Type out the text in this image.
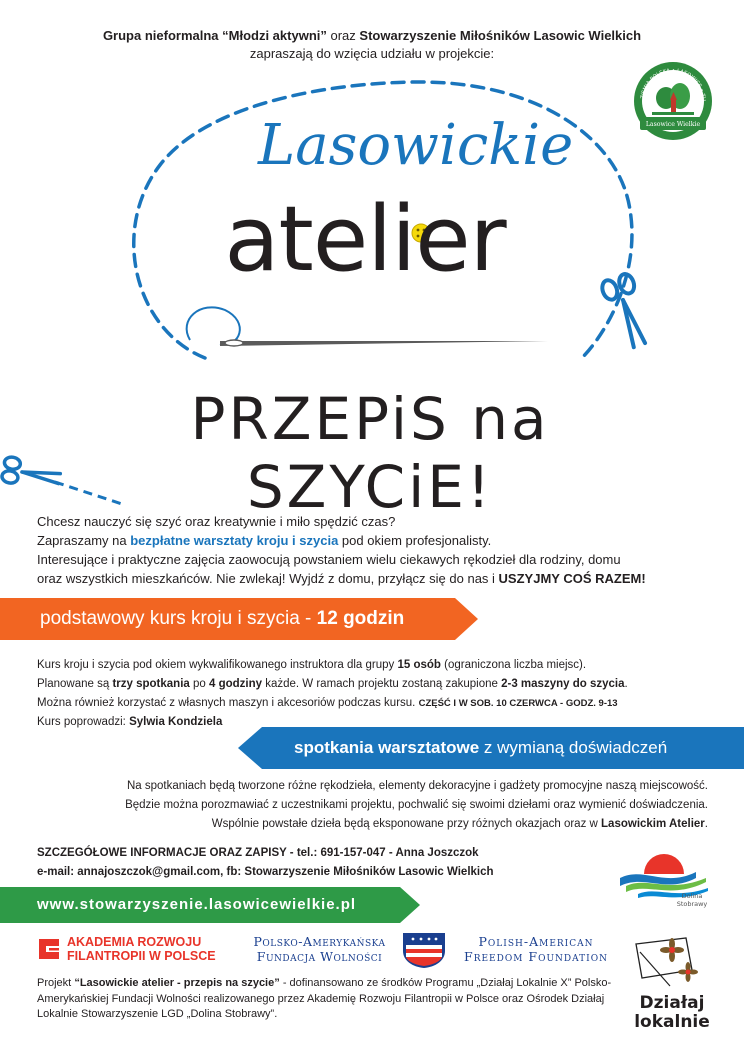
Grupa nieformalna “Młodzi aktywni” oraz Stowarzyszenie Miłośników Lasowic Wielkich
zapraszają do wzięcia udziału w projekcie:
ZIEMIA POLSKA • LASOWICE • TU
Lasowice Wielkie
Lasowickie
atelier
PRZEPiS na SZYCiE!
Chcesz nauczyć się szyć oraz kreatywnie i miło spędzić czas?
Zapraszamy na bezpłatne warsztaty kroju i szycia pod okiem profesjonalisty.
Interesujące i praktyczne zajęcia zaowocują powstaniem wielu ciekawych rękodzieł dla rodziny, domu
oraz wszystkich mieszkańców. Nie zwlekaj! Wyjdź z domu, przyłącz się do nas i USZYJMY COŚ RAZEM!
podstawowy kurs kroju i szycia - 12 godzin
Kurs kroju i szycia pod okiem wykwalifikowanego instruktora dla grupy 15 osób (ograniczona liczba miejsc).
Planowane są trzy spotkania po 4 godziny każde. W ramach projektu zostaną zakupione 2-3 maszyny do szycia.
Można również korzystać z własnych maszyn i akcesoriów podczas kursu. CZĘŚĆ I W SOB. 10 CZERWCA - GODZ. 9-13
Kurs poprowadzi: Sylwia Kondziela
spotkania warsztatowe z wymianą doświadczeń
Na spotkaniach będą tworzone różne rękodzieła, elementy dekoracyjne i gadżety promocyjne naszą miejscowość.
Będzie można porozmawiać z uczestnikami projektu, pochwalić się swoimi dziełami oraz wymienić doświadczenia.
Wspólnie powstałe dzieła będą eksponowane przy różnych okazjach oraz w Lasowickim Atelier.
SZCZEGÓŁOWE INFORMACJE ORAZ ZAPISY - tel.: 691-157-047 - Anna Joszczok
e-mail: annajoszczok@gmail.com, fb: Stowarzyszenie Miłośników Lasowic Wielkich
Dolina
Stobrawy
www.stowarzyszenie.lasowicewielkie.pl
AKADEMIA ROZWOJU
FILANTROPII W POLSCE
Polsko-Amerykańska
Fundacja Wolności
Polish-American
Freedom Foundation
Działaj
lokalnie
Projekt “Lasowickie atelier - przepis na szycie” - dofinansowano ze środków Programu „Działaj Lokalnie X” Polsko-Amerykańskiej Fundacji Wolności realizowanego przez Akademię Rozwoju Filantropii w Polsce oraz Ośrodek Działaj Lokalnie Stowarzyszenie LGD „Dolina Stobrawy”.
